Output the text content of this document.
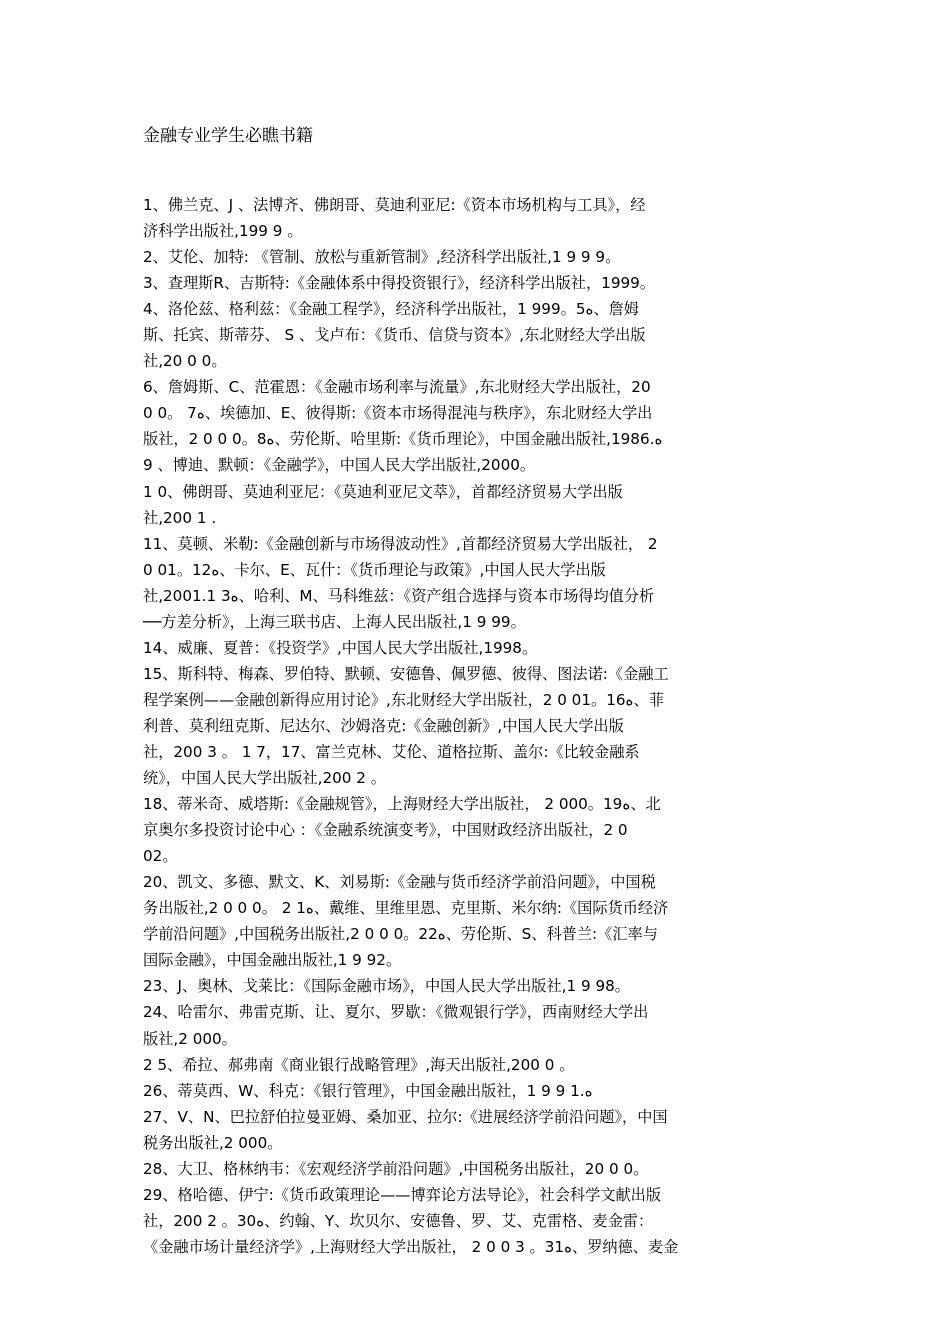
金融专业学生必瞧书籍
1、佛兰克、J 、法博齐、佛朗哥、莫迪利亚尼:《资本市场机构与工具》，经
济科学出版社,199 9 。
2、艾伦、加特: 《管制、放松与重新管制》,经济科学出版社,1 9 9 9。
3、查理斯R、吉斯特:《金融体系中得投资银行》，经济科学出版社，1999。
4、洛伦兹、格利兹：《金融工程学》，经济科学出版社，1 999。5ﻩ、詹姆
斯、托宾、斯蒂芬、 S 、戈卢布：《货币、信贷与资本》,东北财经大学出版
社,20 0 0。
6、詹姆斯、C、范霍恩：《金融市场利率与流量》,东北财经大学出版社，20
0 0。 7ﻩ、埃德加、E、彼得斯:《资本市场得混沌与秩序》，东北财经大学出
版社，2 0 0 0。8ﻩ、劳伦斯、哈里斯:《货币理论》，中国金融出版社,1986.ﻩ
9 、博迪、默顿：《金融学》，中国人民大学出版社,2000。
1 0、佛朗哥、莫迪利亚尼：《莫迪利亚尼文萃》，首都经济贸易大学出版
社,200 1 .
11、莫顿、米勒:《金融创新与市场得波动性》,首都经济贸易大学出版社， 2
0 01。12ﻩ、卡尔、E、瓦什：《货币理论与政策》,中国人民大学出版
社,2001.1 3ﻩ、哈利、M、马科维兹：《资产组合选择与资本市场得均值分析
──方差分析》，上海三联书店、上海人民出版社,1 9 99。
14、威廉、夏普：《投资学》,中国人民大学出版社,1998。
15、斯科特、梅森、罗伯特、默顿、安德鲁、佩罗德、彼得、图法诺:《金融工
程学案例——金融创新得应用讨论》,东北财经大学出版社，2 0 01。16ﻩ、菲
利普、莫利纽克斯、尼达尔、沙姆洛克:《金融创新》,中国人民大学出版
社，200 3 。 1 7，17、富兰克林、艾伦、道格拉斯、盖尔:《比较金融系
统》，中国人民大学出版社,200 2 。
18、蒂米奇、威塔斯:《金融规管》，上海财经大学出版社， 2 000。19ﻩ、北
京奥尔多投资讨论中心 ：《金融系统演变考》，中国财政经济出版社，2 0
02。
20、凯文、多德、默文、K、刘易斯:《金融与货币经济学前沿问题》，中国税
务出版社,2 0 0 0。 2 1ﻩ、戴维、里维里恩、克里斯、米尔纳:《国际货币经济
学前沿问题》,中国税务出版社,2 0 0 0。22ﻩ、劳伦斯、S、科普兰:《汇率与
国际金融》，中国金融出版社,1 9 92。
23、J、奥林、戈莱比：《国际金融市场》，中国人民大学出版社,1 9 98。
24、哈雷尔、弗雷克斯、让、夏尔、罗歇：《微观银行学》，西南财经大学出
版社,2 000。
2 5、希拉、郝弗南《商业银行战略管理》,海天出版社,200 0 。
26、蒂莫西、W、科克：《银行管理》，中国金融出版社，1 9 9 1.ﻩ
27、V、N、巴拉舒伯拉曼亚姆、桑加亚、拉尔:《进展经济学前沿问题》，中国
税务出版社,2 000。
28、大卫、格林纳韦：《宏观经济学前沿问题》,中国税务出版社，20 0 0。
29、格哈德、伊宁:《货币政策理论——博弈论方法导论》，社会科学文献出版
社，200 2 。30ﻩ、约翰、Y、坎贝尔、安德鲁、罗、艾、克雷格、麦金雷：
《金融市场计量经济学》,上海财经大学出版社， 2 0 0 3 。31ﻩ、罗纳德、麦金
